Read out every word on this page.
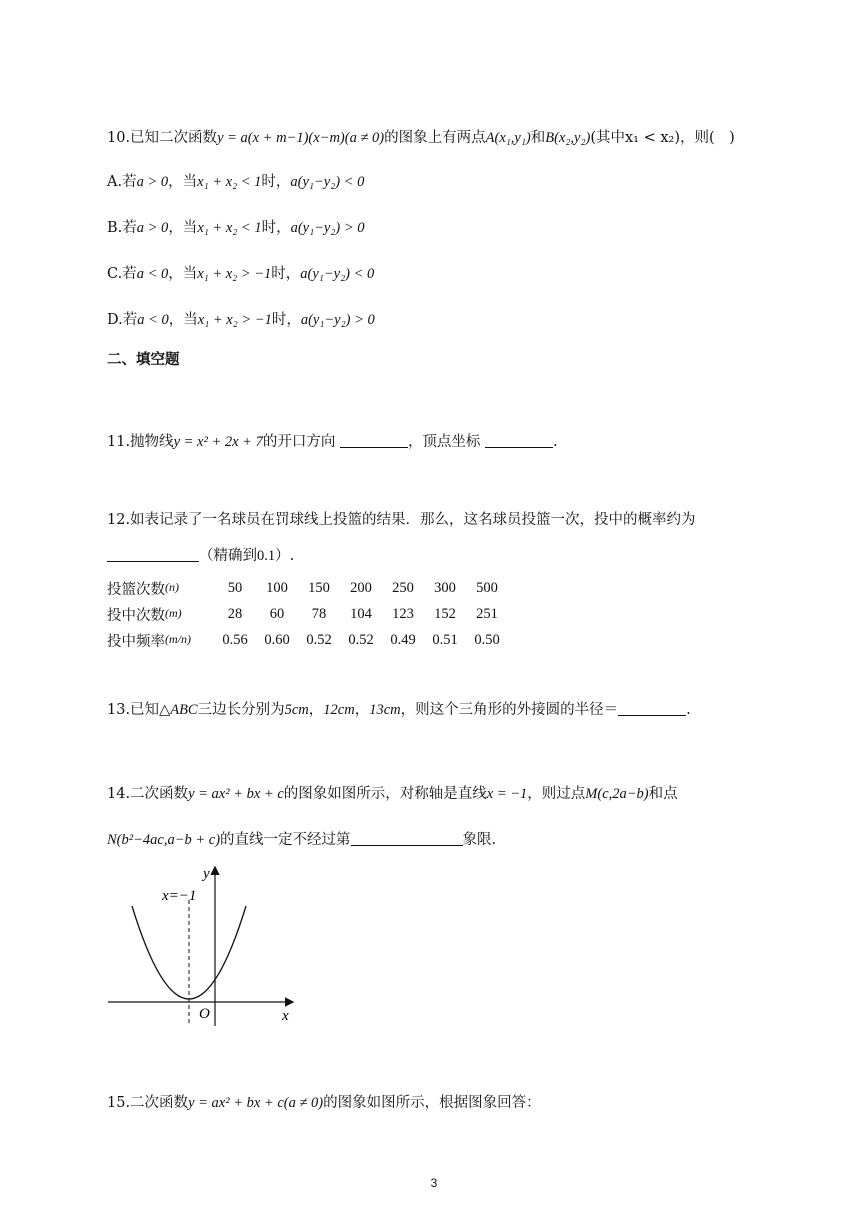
10.已知二次函数y = a(x + m−1)(x−m)(a ≠ 0)的图象上有两点A(x₁,y₁)和B(x₂,y₂)(其中x₁ < x₂)，则(　)
A.若a > 0，当x₁ + x₂ < 1时，a(y₁−y₂) < 0
B.若a > 0，当x₁ + x₂ < 1时，a(y₁−y₂) > 0
C.若a < 0，当x₁ + x₂ > −1时，a(y₁−y₂) < 0
D.若a < 0，当x₁ + x₂ > −1时，a(y₁−y₂) > 0
二、填空题
11.抛物线y = x² + 2x + 7的开口方向	，顶点坐标	.
12.如表记录了一名球员在罚球线上投篮的结果．那么，这名球员投篮一次，投中的概率约为
（精确到0.1）.
投篮次数$^{(n)}$	50	100	150	200	250	300	500
投中次数$^{(m)}$	28	60	78	104	123	152	251
投中频率$^{(m/n)}$	0.56	0.60	0.52	0.52	0.49	0.51	0.50
13.已知△ABC三边长分别为5cm，12cm，13cm，则这个三角形的外接圆的半径＝	.
14.二次函数y = ax² + bx + c的图象如图所示，对称轴是直线x = −1，则过点M(c,2a−b)和点
N(b²−4ac,a−b + c)的直线一定不经过第	象限.
y
x
O
x=−1
15.二次函数y = ax² + bx + c(a ≠ 0)的图象如图所示，根据图象回答：
3
